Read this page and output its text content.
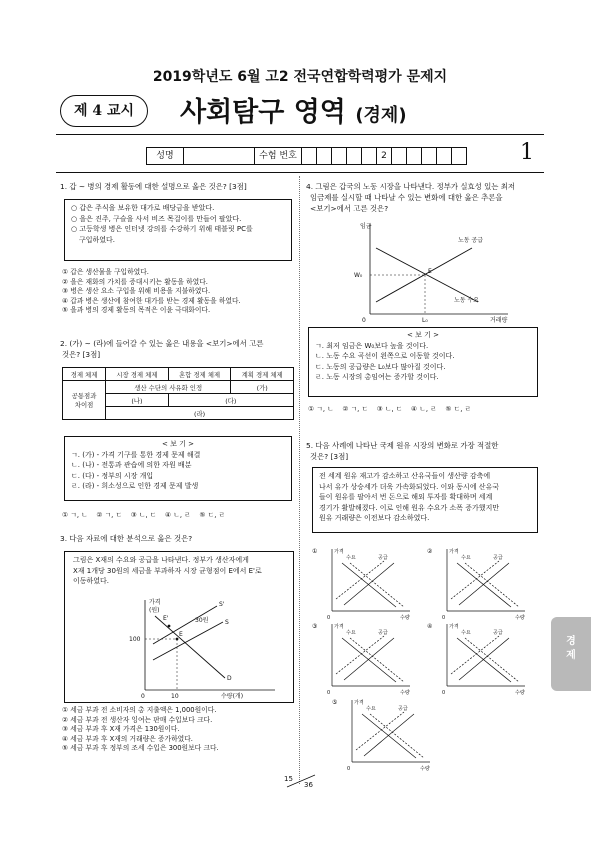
2019학년도 6월 고2 전국연합학력평가 문제지
제 4 교시	사회탐구 영역 (경제)
성명	수험 번호	2	1
1. 갑 ~ 병의 경제 활동에 대한 설명으로 옳은 것은? [3점]
○ 갑은 주식을 보유한 대가로 배당금을 받았다.
○ 을은 진주, 구슬을 사서 비즈 목걸이를 만들어 팔았다.
○ 고등학생 병은 인터넷 강의를 수강하기 위해 태블릿 PC를
구입하였다.
① 갑은 생산물을 구입하였다.
② 을은 재화의 가치를 증대시키는 활동을 하였다.
③ 병은 생산 요소 구입을 위해 비용을 지불하였다.
④ 갑과 병은 생산에 참여한 대가를 받는 경제 활동을 하였다.
⑤ 을과 병의 경제 활동의 목적은 이윤 극대화이다.
2. (가) ~ (라)에 들어갈 수 있는 옳은 내용을 <보기>에서 고른
것은? [3점]
경제 체제	시장 경제 체제	혼합 경제 체제	계획 경제 체제

공통점과
차이점	생산 수단의 사유화 인정		(가)
	(나)	(다)	
	(라)		
< 보 기 >
ㄱ. (가) - 가격 기구를 통한 경제 문제 해결
ㄴ. (나) - 전통과 관습에 의한 자원 배분
ㄷ. (다) - 정부의 시장 개입
ㄹ. (라) - 희소성으로 인한 경제 문제 발생
① ㄱ, ㄴ    ② ㄱ, ㄷ    ③ ㄴ, ㄷ    ④ ㄴ, ㄹ    ⑤ ㄷ, ㄹ
3. 다음 자료에 대한 분석으로 옳은 것은?
그림은 X재의 수요와 공급을 나타낸다. 정부가 생산자에게
X재 1개당 30원의 세금을 부과하자 시장 균형점이 E에서 E'로
이동하였다.
가격
(원)
0
100
10	수량(개)
S
S'
D
E
E'	30원
① 세금 부과 전 소비자의 총 지출액은 1,000원이다.
② 세금 부과 전 생산자 잉여는 판매 수입보다 크다.
③ 세금 부과 후 X재 가격은 130원이다.
④ 세금 부과 후 X재의 거래량은 증가하였다.
⑤ 세금 부과 후 정부의 조세 수입은 300원보다 크다.
4. 그림은 갑국의 노동 시장을 나타낸다. 정부가 실효성 있는 최저
임금제를 실시할 때 나타날 수 있는 변화에 대한 옳은 추론을
<보기>에서 고른 것은?
임금
거래량
0
노동 공급
노동 수요
W₀
L₀
E
< 보 기 >
ㄱ. 최저 임금은 W₀보다 높을 것이다.
ㄴ. 노동 수요 곡선이 왼쪽으로 이동할 것이다.
ㄷ. 노동의 공급량은 L₀보다 많아질 것이다.
ㄹ. 노동 시장의 총임여는 증가할 것이다.
① ㄱ, ㄴ    ② ㄱ, ㄷ    ③ ㄴ, ㄷ    ④ ㄴ, ㄹ    ⑤ ㄷ, ㄹ
5. 다음 사례에 나타난 국제 원유 시장의 변화로 가장 적절한
것은? [3점]
전 세계 원유 재고가 감소하고 산유국들이 생산량 감축에
나서 유가 상승세가 더욱 가속화되었다. 이와 동시에 산유국
들이 원유를 팔아서 번 돈으로 해외 투자를 확대하며 세계
경기가 활발해졌다. 이로 인해 원유 수요가 소폭 증가했지만
원유 거래량은 이전보다 감소하였다.
①	가격
수량
0
수요	공급
②	가격
수량
0
수요	공급
③	가격
수량
0
수요	공급
④	가격
수량
0
수요	공급
⑤	가격
수량
0
수요	공급
경
제
15
36
